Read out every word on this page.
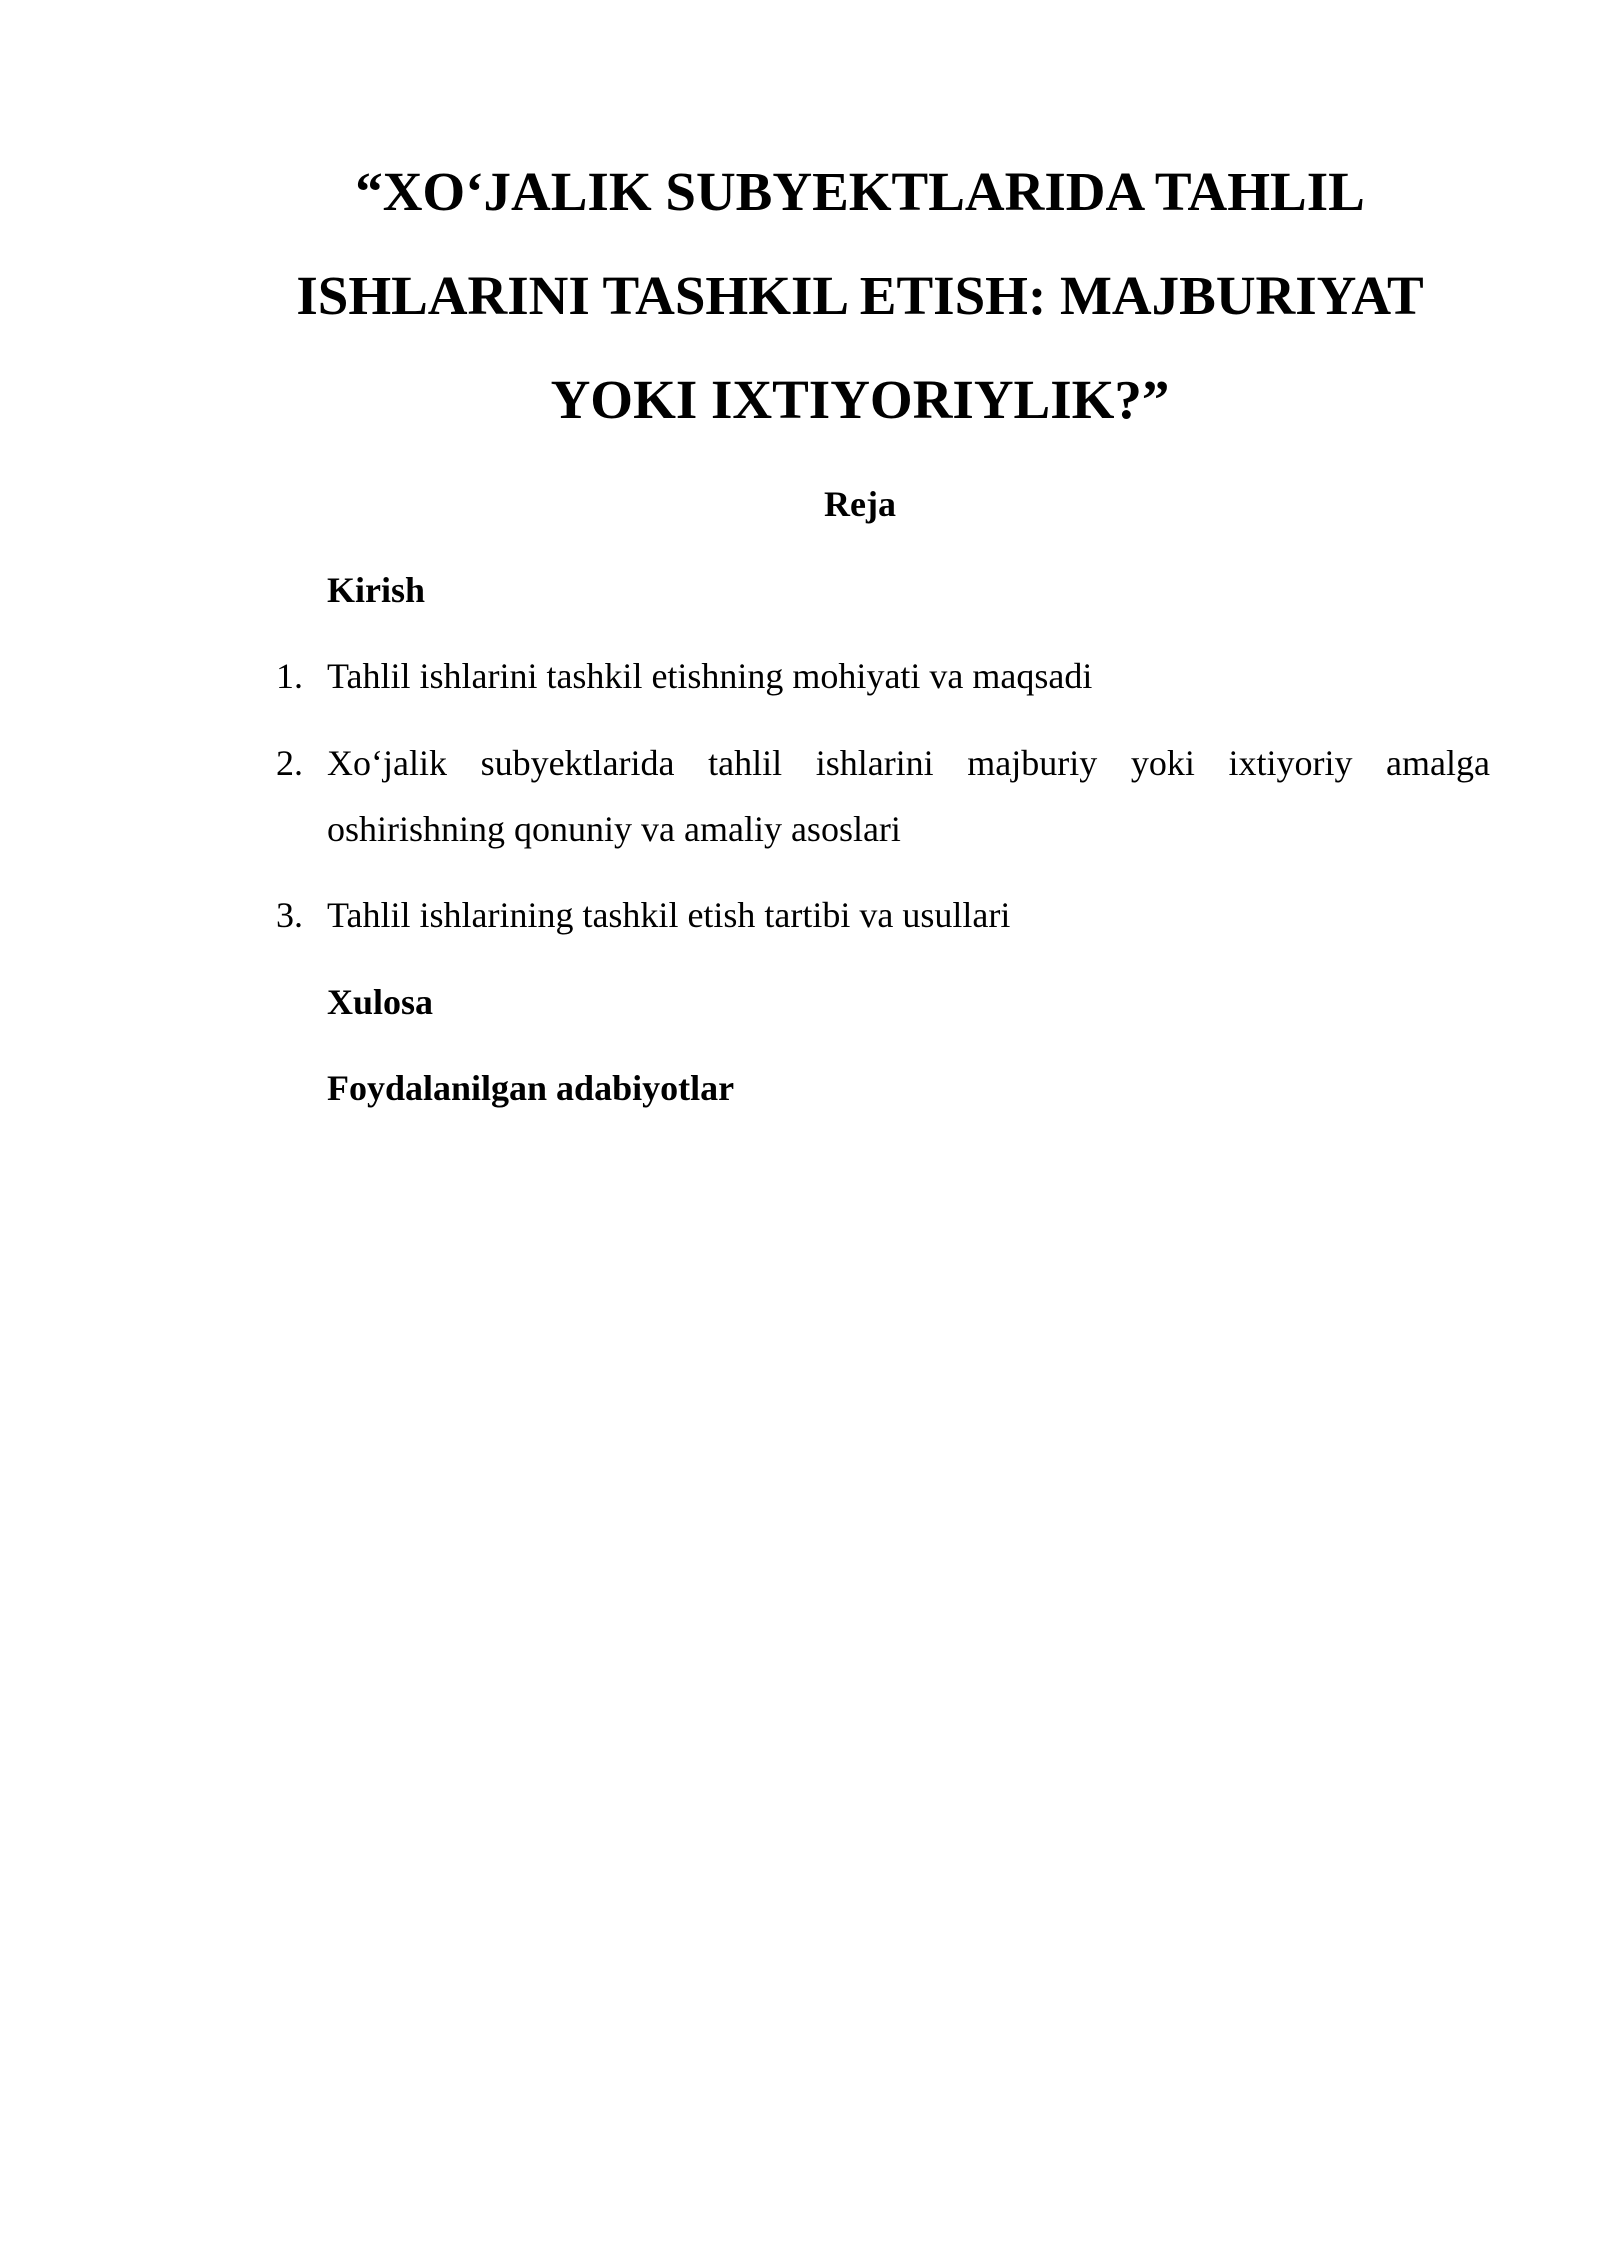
“XO‘JALIK SUBYEKTLARIDA TAHLIL ISHLARINI TASHKIL ETISH: MAJBURIYAT YOKI IXTIYORIYLIK?”
Reja
Kirish
1. Tahlil ishlarini tashkil etishning mohiyati va maqsadi
2. Xo‘jalik subyektlarida tahlil ishlarini majburiy yoki ixtiyoriy amalga oshirishning qonuniy va amaliy asoslari
3. Tahlil ishlarining tashkil etish tartibi va usullari
Xulosa
Foydalanilgan adabiyotlar
